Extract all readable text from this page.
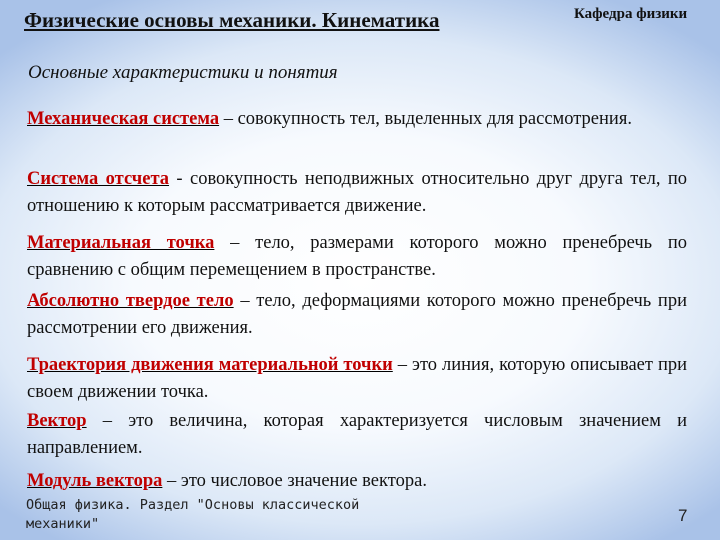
Физические основы механики. Кинематика	Кафедра физики
Основные характеристики и понятия
Механическая система – совокупность тел, выделенных для рассмотрения.
Система отсчета - совокупность неподвижных относительно друг друга тел, по отношению к которым рассматривается движение.
Материальная точка – тело, размерами которого можно пренебречь по сравнению с общим перемещением в пространстве.
Абсолютно твердое тело – тело, деформациями которого можно пренебречь при рассмотрении его движения.
Траектория движения материальной точки – это линия, которую описывает при своем движении точка.
Вектор – это величина, которая характеризуется числовым значением и направлением.
Модуль вектора – это числовое значение вектора.
Общая физика. Раздел "Основы классической механики"	7
